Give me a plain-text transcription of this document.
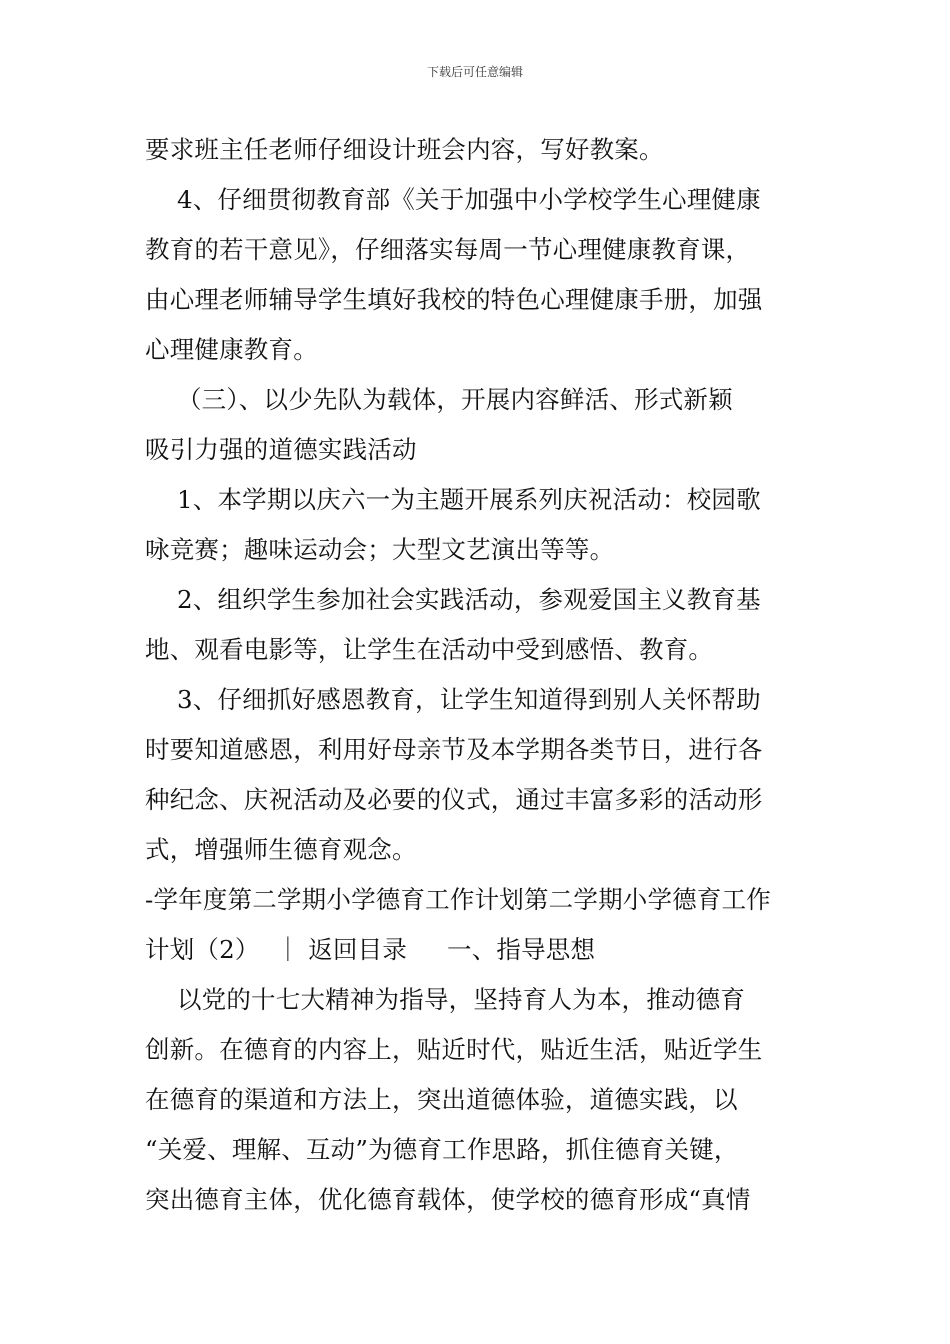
下载后可任意编辑
要求班主任老师仔细设计班会内容，写好教案。
4、仔细贯彻教育部《关于加强中小学校学生心理健康
教育的若干意见》，仔细落实每周一节心理健康教育课，
由心理老师辅导学生填好我校的特色心理健康手册，加强
心理健康教育。
（三）、以少先队为载体，开展内容鲜活、形式新颖
吸引力强的道德实践活动
1、本学期以庆六一为主题开展系列庆祝活动：校园歌
咏竞赛；趣味运动会；大型文艺演出等等。
2、组织学生参加社会实践活动，参观爱国主义教育基
地、观看电影等，让学生在活动中受到感悟、教育。
3、仔细抓好感恩教育，让学生知道得到别人关怀帮助
时要知道感恩，利用好母亲节及本学期各类节日，进行各
种纪念、庆祝活动及必要的仪式，通过丰富多彩的活动形
式，增强师生德育观念。
-学年度第二学期小学德育工作计划第二学期小学德育工作
计划（2）  ｜ 返回目录     一、指导思想
以党的十七大精神为指导，坚持育人为本，推动德育
创新。在德育的内容上，贴近时代，贴近生活，贴近学生
在德育的渠道和方法上，突出道德体验，道德实践，以
“关爱、理解、互动”为德育工作思路，抓住德育关键，
突出德育主体，优化德育载体，使学校的德育形成“真情
